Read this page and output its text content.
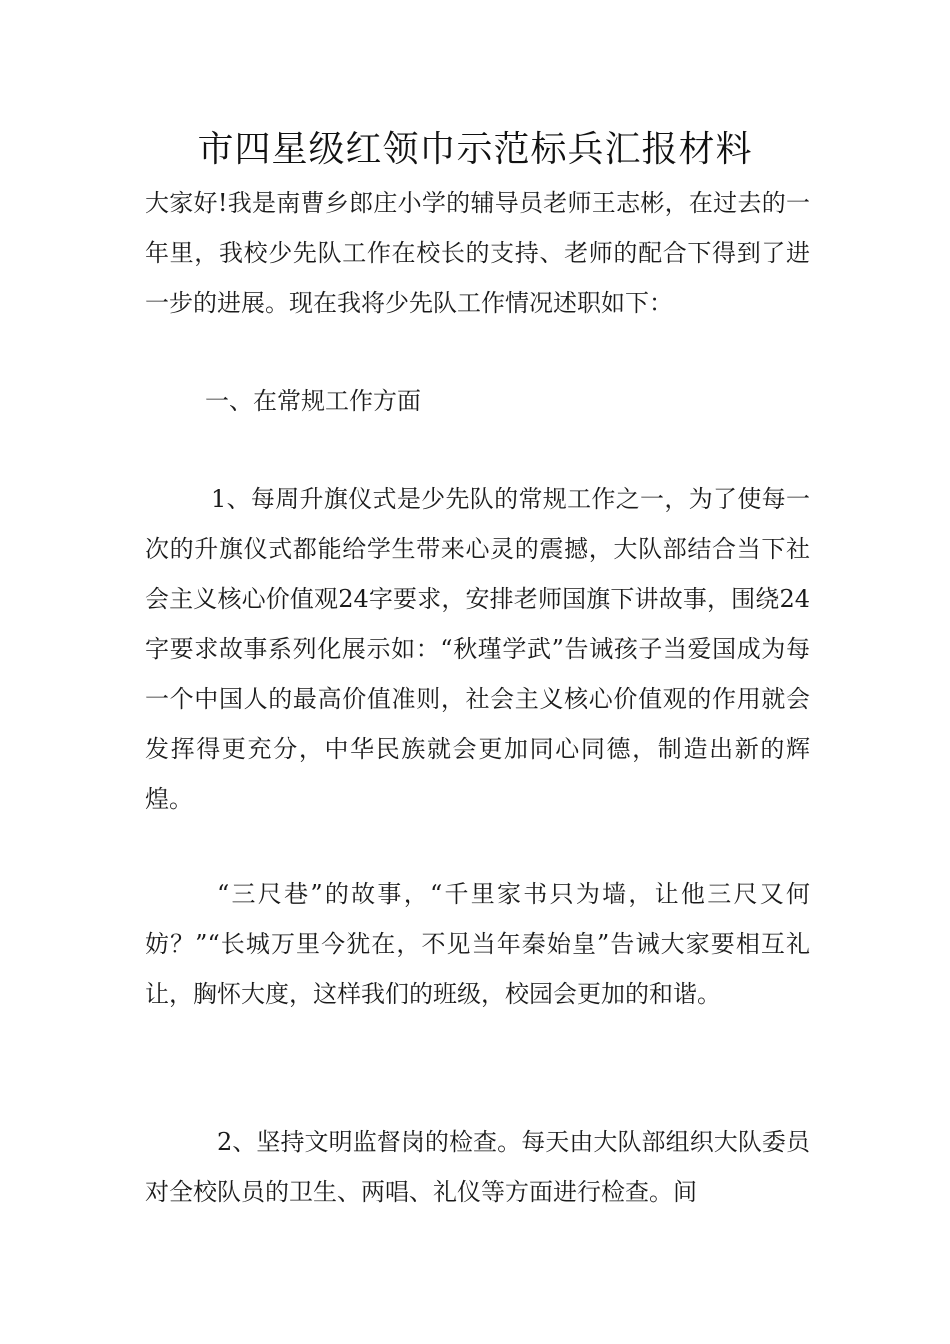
市四星级红领巾示范标兵汇报材料
大家好!我是南曹乡郎庄小学的辅导员老师王志彬，在过去的一年里，我校少先队工作在校长的支持、老师的配合下得到了进一步的进展。现在我将少先队工作情况述职如下：
一、在常规工作方面
1、每周升旗仪式是少先队的常规工作之一，为了使每一次的升旗仪式都能给学生带来心灵的震撼，大队部结合当下社会主义核心价值观24字要求，安排老师国旗下讲故事，围绕24字要求故事系列化展示如：“秋瑾学武”告诫孩子当爱国成为每一个中国人的最高价值准则，社会主义核心价值观的作用就会发挥得更充分，中华民族就会更加同心同德，制造出新的辉煌。
“三尺巷”的故事，“千里家书只为墙，让他三尺又何妨？”“长城万里今犹在，不见当年秦始皇”告诫大家要相互礼让，胸怀大度，这样我们的班级，校园会更加的和谐。
2、坚持文明监督岗的检查。每天由大队部组织大队委员对全校队员的卫生、两唱、礼仪等方面进行检查。间
